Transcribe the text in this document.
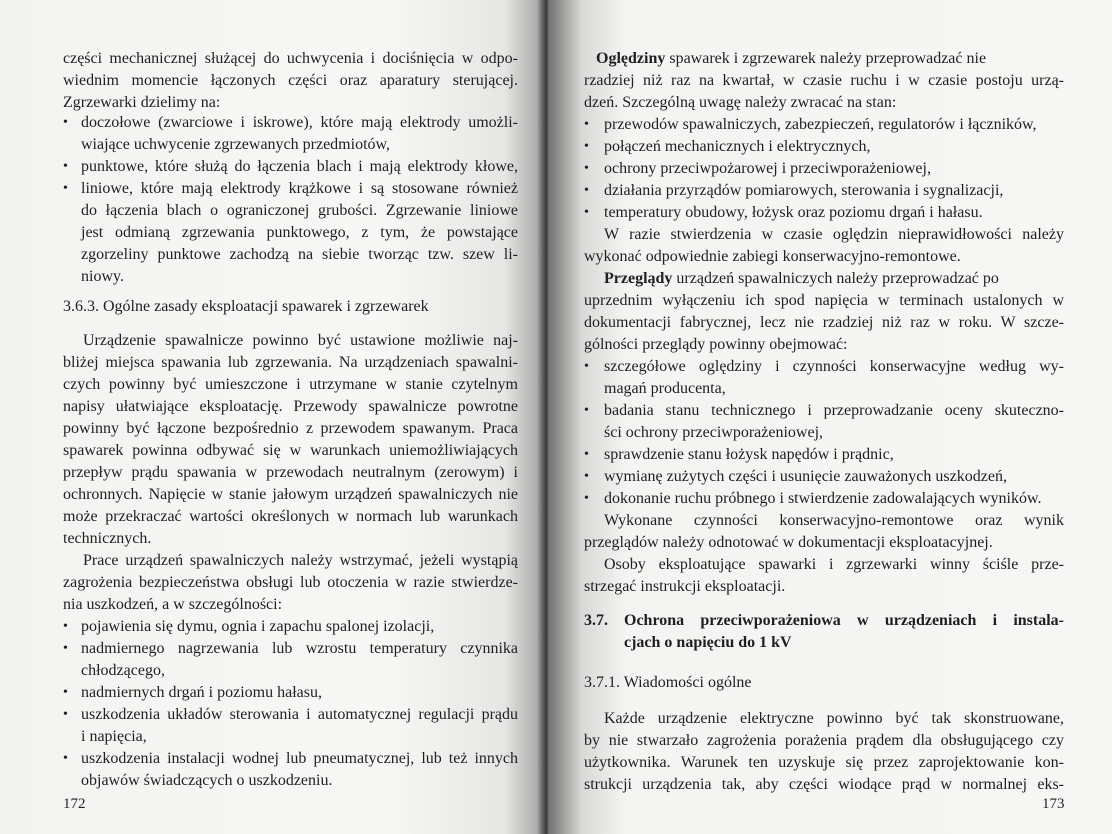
części mechanicznej służącej do uchwycenia i dociśnięcia w odpo-
wiednim momencie łączonych części oraz aparatury sterującej.
Zgrzewarki dzielimy na:
• doczołowe (zwarciowe i iskrowe), które mają elektrody umożli-
wiające uchwycenie zgrzewanych przedmiotów,
• punktowe, które służą do łączenia blach i mają elektrody kłowe,
• liniowe, które mają elektrody krążkowe i są stosowane również
do łączenia blach o ograniczonej grubości. Zgrzewanie liniowe
jest odmianą zgrzewania punktowego, z tym, że powstające
zgorzeliny punktowe zachodzą na siebie tworząc tzw. szew li-
niowy.
3.6.3. Ogólne zasady eksploatacji spawarek i zgrzewarek
Urządzenie spawalnicze powinno być ustawione możliwie naj-
bliżej miejsca spawania lub zgrzewania. Na urządzeniach spawalni-
czych powinny być umieszczone i utrzymane w stanie czytelnym
napisy ułatwiające eksploatację. Przewody spawalnicze powrotne
powinny być łączone bezpośrednio z przewodem spawanym. Praca
spawarek powinna odbywać się w warunkach uniemożliwiających
przepływ prądu spawania w przewodach neutralnym (zerowym) i
ochronnych. Napięcie w stanie jałowym urządzeń spawalniczych nie
może przekraczać wartości określonych w normach lub warunkach
technicznych.
Prace urządzeń spawalniczych należy wstrzymać, jeżeli wystąpią
zagrożenia bezpieczeństwa obsługi lub otoczenia w razie stwierdze-
nia uszkodzeń, a w szczególności:
• pojawienia się dymu, ognia i zapachu spalonej izolacji,
• nadmiernego nagrzewania lub wzrostu temperatury czynnika
chłodzącego,
• nadmiernych drgań i poziomu hałasu,
• uszkodzenia układów sterowania i automatycznej regulacji prądu
i napięcia,
• uszkodzenia instalacji wodnej lub pneumatycznej, lub też innych
objawów świadczących o uszkodzeniu.
172
Oględziny spawarek i zgrzewarek należy przeprowadzać nie
rzadziej niż raz na kwartał, w czasie ruchu i w czasie postoju urzą-
dzeń. Szczególną uwagę należy zwracać na stan:
• przewodów spawalniczych, zabezpieczeń, regulatorów i łączników,
• połączeń mechanicznych i elektrycznych,
• ochrony przeciwpożarowej i przeciwporażeniowej,
• działania przyrządów pomiarowych, sterowania i sygnalizacji,
• temperatury obudowy, łożysk oraz poziomu drgań i hałasu.
W razie stwierdzenia w czasie oględzin nieprawidłowości należy
wykonać odpowiednie zabiegi konserwacyjno-remontowe.
Przeglądy urządzeń spawalniczych należy przeprowadzać po
uprzednim wyłączeniu ich spod napięcia w terminach ustalonych w
dokumentacji fabrycznej, lecz nie rzadziej niż raz w roku. W szcze-
gólności przeglądy powinny obejmować:
• szczegółowe oględziny i czynności konserwacyjne według wy-
magań producenta,
• badania stanu technicznego i przeprowadzanie oceny skuteczno-
ści ochrony przeciwporażeniowej,
• sprawdzenie stanu łożysk napędów i prądnic,
• wymianę zużytych części i usunięcie zauważonych uszkodzeń,
• dokonanie ruchu próbnego i stwierdzenie zadowalających wyników.
Wykonane czynności konserwacyjno-remontowe oraz wynik
przeglądów należy odnotować w dokumentacji eksploatacyjnej.
Osoby eksploatujące spawarki i zgrzewarki winny ściśle prze-
strzegać instrukcji eksploatacji.
3.7. Ochrona przeciwporażeniowa w urządzeniach i instala-
cjach o napięciu do 1 kV
3.7.1. Wiadomości ogólne
Każde urządzenie elektryczne powinno być tak skonstruowane,
by nie stwarzało zagrożenia porażenia prądem dla obsługującego czy
użytkownika. Warunek ten uzyskuje się przez zaprojektowanie kon-
strukcji urządzenia tak, aby części wiodące prąd w normalnej eks-
173
